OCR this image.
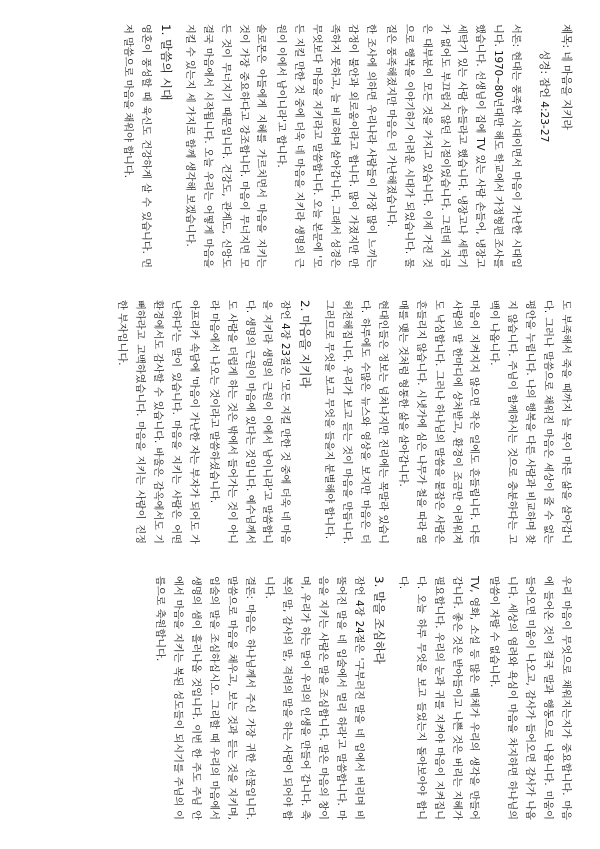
제목: 네 마음을 지키라

성경: 잠언 4:23-27

서론: 현대는 풍족한 시대이면서 마음이 가난한 시대입니다. 1970~80년대만 해도 학교에서 가정형편 조사를 했습니다. 선생님이 집에 TV 있는 사람 손들어, 냉장고 세탁기 있는 사람 손들라고 했습니다. 냉장고나 세탁기가 없어도 부끄럽지 않던 시절이었습니다. 그런데 지금은 대부분이 모든 것을 가지고 있습니다. 이제 가진 것으로 행복을 이야기하기 어려운 시대가 되었습니다. 물질은 풍족해졌지만 마음은 더 가난해졌습니다.

한 조사에 의하면 우리나라 사람들이 가장 많이 느끼는 감정이 불안과 외로움이라고 합니다. 많이 가졌지만 만족하지 못하고, 늘 비교하며 살아갑니다. 그래서 성경은 무엇보다 마음을 지키라고 말씀합니다. 오늘 본문에 '모든 지킬 만한 것 중에 더욱 네 마음을 지키라 생명의 근원이 이에서 남이니라'고 합니다.

솔로몬은 아들에게 지혜를 가르치면서 마음을 지키는 것이 가장 중요하다고 강조합니다. 마음이 무너지면 모든 것이 무너지기 때문입니다. 건강도, 관계도, 신앙도 결국 마음에서 시작됩니다. 오늘 우리는 어떻게 마음을 지킬 수 있는지 세 가지로 함께 생각해 보겠습니다.

1. 말씀의 시대

영혼이 풍성할 때 육신도 건강하게 살 수 있습니다. 먼저 말씀으로 마음을 채워야 합니다.

도 부족해서 죽을 때까지 늘 목이 마른 삶을 살아갑니다. 그러나 말씀으로 채워진 마음은 세상이 줄 수 없는 평안을 누립니다. 나의 행복을 다른 사람과 비교하며 찾지 않습니다. 주님이 함께하시는 것으로 충분하다는 고백이 나옵니다.

마음이 지켜지지 않으면 작은 일에도 흔들립니다. 다른 사람의 말 한마디에 상처받고, 환경이 조금만 어려워져도 낙심합니다. 그러나 하나님의 말씀을 붙잡은 사람은 흔들리지 않습니다. 시냇가에 심은 나무가 철을 따라 열매를 맺는 것처럼 형통한 삶을 살아갑니다.

현대인들은 정보는 넘쳐나지만 진리에는 목말라 있습니다. 하루에도 수많은 뉴스와 영상을 보지만 마음은 더 허전해집니다. 우리가 보고 듣는 것이 마음을 만듭니다. 그러므로 무엇을 보고 무엇을 들을지 분별해야 합니다.

2. 마음을 지키라

잠언 4장 23절은 '모든 지킬 만한 것 중에 더욱 네 마음을 지키라 생명의 근원이 이에서 남이니라'고 말씀합니다. 생명의 근원이 마음에 있다는 것입니다. 예수님께서도 사람을 더럽게 하는 것은 밖에서 들어가는 것이 아니라 마음에서 나오는 것이라고 말씀하셨습니다.

아프리카 속담에 '마음이 가난한 자는 부자가 되어도 가난하다'는 말이 있습니다. 마음을 지키는 사람은 어떤 환경에서도 감사할 수 있습니다. 바울은 감옥에서도 기뻐하라고 고백하였습니다. 마음을 지키는 사람이 진정한 부자입니다.

우리 마음이 무엇으로 채워지는지가 중요합니다. 마음에 들어온 것이 결국 말과 행동으로 나옵니다. 미움이 들어오면 미움이 나오고, 감사가 들어오면 감사가 나옵니다. 세상의 염려와 욕심이 마음을 차지하면 하나님의 말씀이 자랄 수 없습니다.

TV, 영화, 소설 등 많은 매체가 우리의 생각을 만들어 갑니다. 좋은 것은 받아들이고 나쁜 것은 버리는 지혜가 필요합니다. 우리의 눈과 귀를 지켜야 마음이 지켜집니다. 오늘 하루 무엇을 보고 들었는지 돌아보아야 합니다.

3. 말을 조심하라

잠언 4장 24절은 '구부러진 말을 네 입에서 버리며 비뚤어진 말을 네 입술에서 멀리 하라'고 말씀합니다. 마음을 지키는 사람은 말을 조심합니다. 말은 마음의 창이며, 우리가 하는 말이 우리의 인생을 만들어 갑니다. 축복의 말, 감사의 말, 격려의 말을 하는 사람이 되어야 합니다.

결론: 마음은 하나님께서 주신 가장 귀한 선물입니다. 말씀으로 마음을 채우고, 보는 것과 듣는 것을 지키며, 입술의 말을 조심하십시오. 그리할 때 우리의 마음에서 생명의 샘이 흘러나올 것입니다. 이번 한 주도 주님 안에서 마음을 지키는 복된 성도들이 되시기를 주님의 이름으로 축원합니다.
